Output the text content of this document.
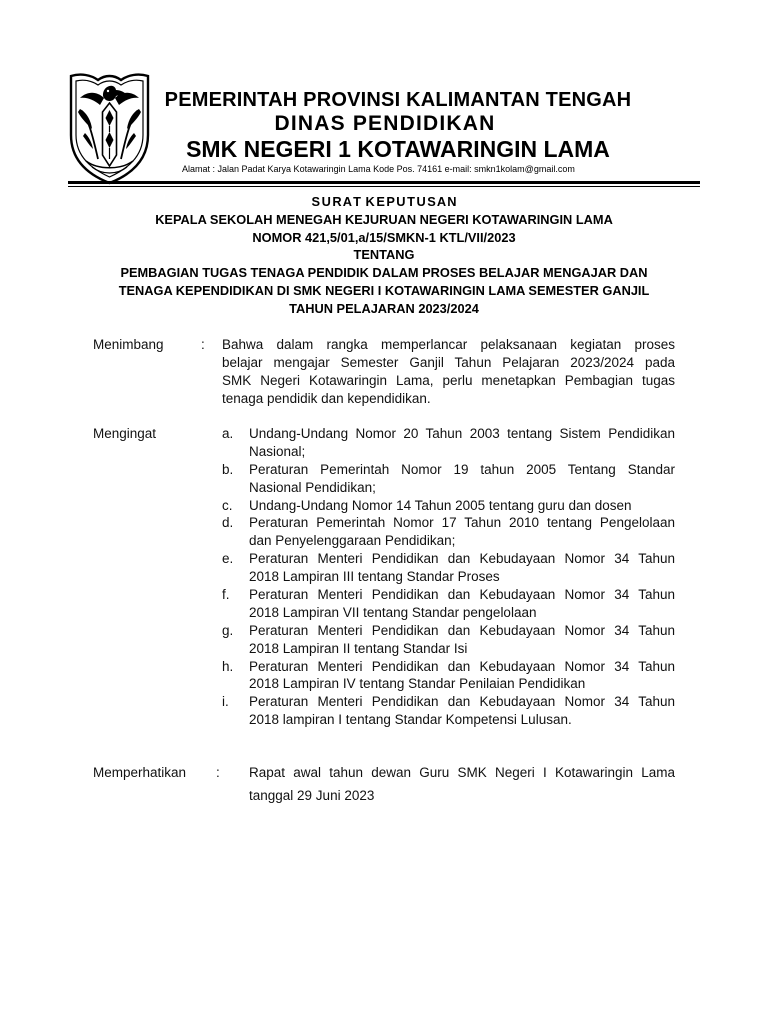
PEMERINTAH PROVINSI KALIMANTAN TENGAH
DINAS PENDIDIKAN
SMK NEGERI 1 KOTAWARINGIN LAMA
Alamat : Jalan Padat Karya Kotawaringin Lama Kode Pos. 74161 e-mail: smkn1kolam@gmail.com
S U R A T   K E P U T U S A N
KEPALA SEKOLAH MENEGAH KEJURUAN NEGERI KOTAWARINGIN LAMA
NOMOR 421,5/01,a/15/SMKN-1 KTL/VII/2023
TENTANG
PEMBAGIAN TUGAS TENAGA PENDIDIK DALAM PROSES BELAJAR MENGAJAR DAN
TENAGA KEPENDIDIKAN DI SMK NEGERI I KOTAWARINGIN LAMA SEMESTER GANJIL
TAHUN PELAJARAN 2023/2024
Menimbang	: Bahwa dalam rangka memperlancar pelaksanaan kegiatan proses
belajar mengajar Semester Ganjil Tahun Pelajaran 2023/2024 pada
SMK Negeri Kotawaringin Lama, perlu menetapkan Pembagian tugas
tenaga pendidik dan kependidikan.
Mengingat	a. Undang-Undang Nomor 20 Tahun 2003 tentang Sistem Pendidikan
Nasional;
b. Peraturan Pemerintah Nomor 19 tahun 2005 Tentang Standar
Nasional Pendidikan;
c. Undang-Undang Nomor 14 Tahun 2005 tentang guru dan dosen
d. Peraturan Pemerintah Nomor 17 Tahun 2010 tentang Pengelolaan
dan Penyelenggaraan Pendidikan;
e. Peraturan Menteri Pendidikan dan Kebudayaan Nomor 34 Tahun
2018 Lampiran III tentang Standar Proses
f. Peraturan Menteri Pendidikan dan Kebudayaan Nomor 34 Tahun
2018 Lampiran VII tentang Standar pengelolaan
g. Peraturan Menteri Pendidikan dan Kebudayaan Nomor 34 Tahun
2018 Lampiran II tentang Standar Isi
h. Peraturan Menteri Pendidikan dan Kebudayaan Nomor 34 Tahun
2018 Lampiran IV tentang Standar Penilaian Pendidikan
i. Peraturan Menteri Pendidikan dan Kebudayaan Nomor 34 Tahun
2018 lampiran I tentang Standar Kompetensi Lulusan.
Memperhatikan : Rapat awal tahun dewan Guru SMK Negeri I Kotawaringin Lama
tanggal 29 Juni 2023
